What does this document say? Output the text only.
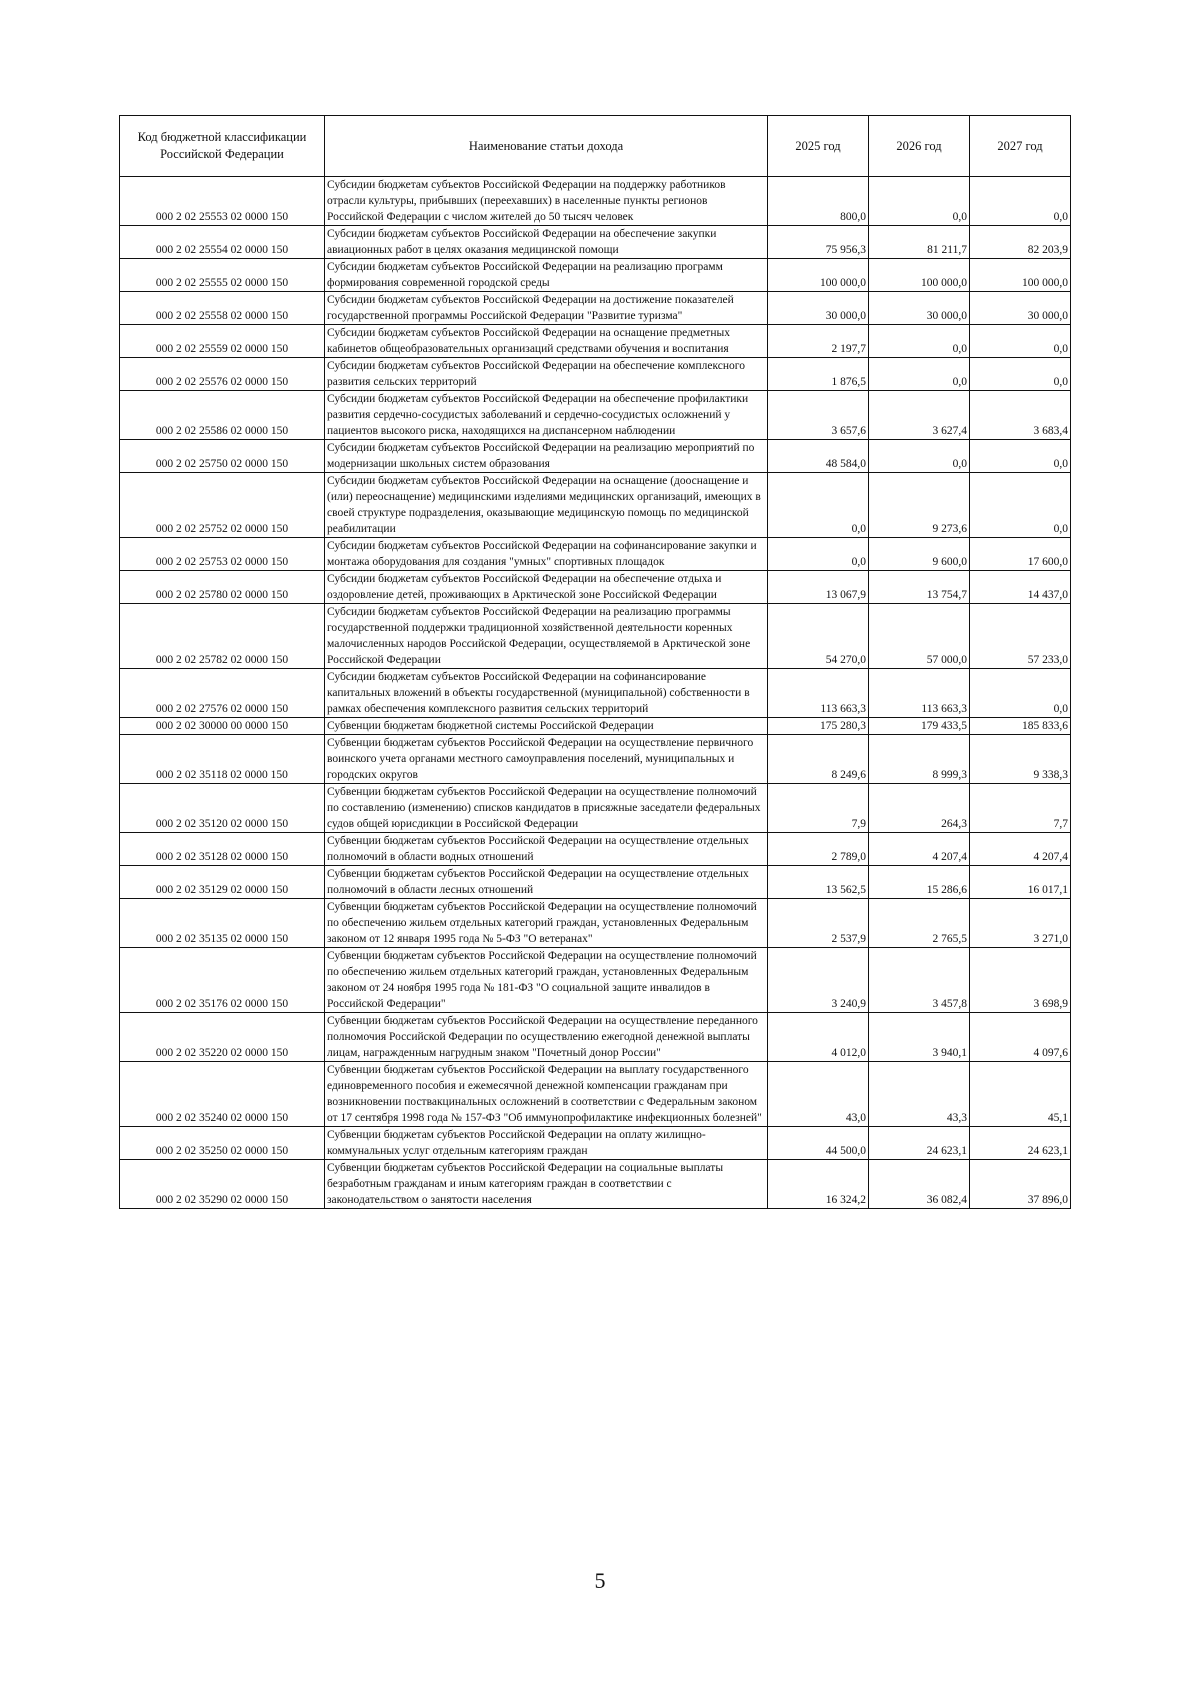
Код бюджетной классификации Российской Федерации	Наименование статьи дохода	2025 год	2026 год	2027 год
000 2 02 25553 02 0000 150	Субсидии бюджетам субъектов Российской Федерации на поддержку работников отрасли культуры, прибывших (переехавших) в населенные пункты регионов Российской Федерации с числом жителей до 50 тысяч человек	800,0	0,0	0,0
000 2 02 25554 02 0000 150	Субсидии бюджетам субъектов Российской Федерации на обеспечение закупки авиационных работ в целях оказания медицинской помощи	75 956,3	81 211,7	82 203,9
000 2 02 25555 02 0000 150	Субсидии бюджетам субъектов Российской Федерации на реализацию программ формирования современной городской среды	100 000,0	100 000,0	100 000,0
000 2 02 25558 02 0000 150	Субсидии бюджетам субъектов Российской Федерации на достижение показателей государственной программы Российской Федерации "Развитие туризма"	30 000,0	30 000,0	30 000,0
000 2 02 25559 02 0000 150	Субсидии бюджетам субъектов Российской Федерации на оснащение предметных кабинетов общеобразовательных организаций средствами обучения и воспитания	2 197,7	0,0	0,0
000 2 02 25576 02 0000 150	Субсидии бюджетам субъектов Российской Федерации на обеспечение комплексного развития сельских территорий	1 876,5	0,0	0,0
000 2 02 25586 02 0000 150	Субсидии бюджетам субъектов Российской Федерации на обеспечение профилактики развития сердечно-сосудистых заболеваний и сердечно-сосудистых осложнений у пациентов высокого риска, находящихся на диспансерном наблюдении	3 657,6	3 627,4	3 683,4
000 2 02 25750 02 0000 150	Субсидии бюджетам субъектов Российской Федерации на реализацию мероприятий по модернизации школьных систем образования	48 584,0	0,0	0,0
000 2 02 25752 02 0000 150	Субсидии бюджетам субъектов Российской Федерации на оснащение (дооснащение и (или) переоснащение) медицинскими изделиями медицинских организаций, имеющих в своей структуре подразделения, оказывающие медицинскую помощь по медицинской реабилитации	0,0	9 273,6	0,0
000 2 02 25753 02 0000 150	Субсидии бюджетам субъектов Российской Федерации на софинансирование закупки и монтажа оборудования для создания "умных" спортивных площадок	0,0	9 600,0	17 600,0
000 2 02 25780 02 0000 150	Субсидии бюджетам субъектов Российской Федерации на обеспечение отдыха и оздоровление детей, проживающих в Арктической зоне Российской Федерации	13 067,9	13 754,7	14 437,0
000 2 02 25782 02 0000 150	Субсидии бюджетам субъектов Российской Федерации на реализацию программы государственной поддержки традиционной хозяйственной деятельности коренных малочисленных народов Российской Федерации, осуществляемой в Арктической зоне Российской Федерации	54 270,0	57 000,0	57 233,0
000 2 02 27576 02 0000 150	Субсидии бюджетам субъектов Российской Федерации на софинансирование капитальных вложений в объекты государственной (муниципальной) собственности в рамках обеспечения комплексного развития сельских территорий	113 663,3	113 663,3	0,0
000 2 02 30000 00 0000 150	Субвенции бюджетам бюджетной системы Российской Федерации	175 280,3	179 433,5	185 833,6
000 2 02 35118 02 0000 150	Субвенции бюджетам субъектов Российской Федерации на осуществление первичного воинского учета органами местного самоуправления поселений, муниципальных и городских округов	8 249,6	8 999,3	9 338,3
000 2 02 35120 02 0000 150	Субвенции бюджетам субъектов Российской Федерации на осуществление полномочий по составлению (изменению) списков кандидатов в присяжные заседатели федеральных судов общей юрисдикции в Российской Федерации	7,9	264,3	7,7
000 2 02 35128 02 0000 150	Субвенции бюджетам субъектов Российской Федерации на осуществление отдельных полномочий в области водных отношений	2 789,0	4 207,4	4 207,4
000 2 02 35129 02 0000 150	Субвенции бюджетам субъектов Российской Федерации на осуществление отдельных полномочий в области лесных отношений	13 562,5	15 286,6	16 017,1
000 2 02 35135 02 0000 150	Субвенции бюджетам субъектов Российской Федерации на осуществление полномочий по обеспечению жильем отдельных категорий граждан, установленных Федеральным законом от 12 января 1995 года № 5-ФЗ "О ветеранах"	2 537,9	2 765,5	3 271,0
000 2 02 35176 02 0000 150	Субвенции бюджетам субъектов Российской Федерации на осуществление полномочий по обеспечению жильем отдельных категорий граждан, установленных Федеральным законом от 24 ноября 1995 года № 181-ФЗ "О социальной защите инвалидов в Российской Федерации"	3 240,9	3 457,8	3 698,9
000 2 02 35220 02 0000 150	Субвенции бюджетам субъектов Российской Федерации на осуществление переданного полномочия Российской Федерации по осуществлению ежегодной денежной выплаты лицам, награжденным нагрудным знаком "Почетный донор России"	4 012,0	3 940,1	4 097,6
000 2 02 35240 02 0000 150	Субвенции бюджетам субъектов Российской Федерации на выплату государственного единовременного пособия и ежемесячной денежной компенсации гражданам при возникновении поствакцинальных осложнений в соответствии с Федеральным законом от 17 сентября 1998 года № 157-ФЗ "Об иммунопрофилактике инфекционных болезней"	43,0	43,3	45,1
000 2 02 35250 02 0000 150	Субвенции бюджетам субъектов Российской Федерации на оплату жилищно-коммунальных услуг отдельным категориям граждан	44 500,0	24 623,1	24 623,1
000 2 02 35290 02 0000 150	Субвенции бюджетам субъектов Российской Федерации на социальные выплаты безработным гражданам и иным категориям граждан в соответствии с законодательством о занятости населения	16 324,2	36 082,4	37 896,0
5
